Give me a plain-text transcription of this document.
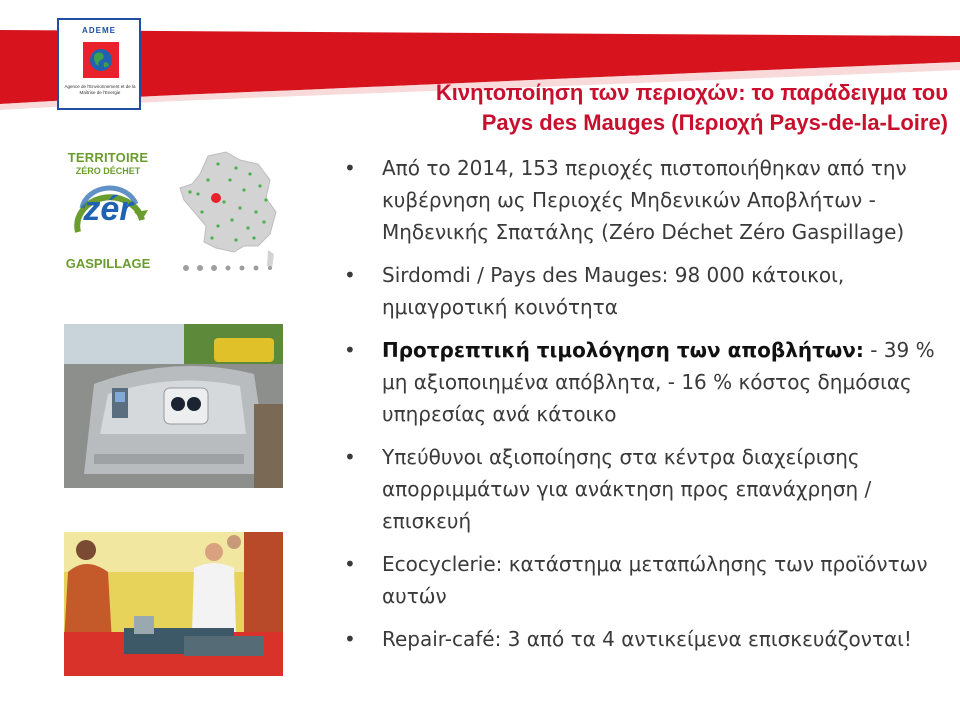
ADEME
Agence de l'Environnement et de la Maîtrise de l'Energie	Κινητοποίηση των περιοχών: το παράδειγμα του
Pays des Mauges (Περιοχή Pays-de-la-Loire)
TERRITOIRE
ZÉRO DÉCHET
zér
GASPILLAGE
• Από το 2014, 153 περιοχές πιστοποιήθηκαν από την κυβέρνηση ως Περιοχές Μηδενικών Αποβλήτων - Μηδενικής Σπατάλης (Zéro Déchet Zéro Gaspillage)
• Sirdomdi / Pays des Mauges: 98 000 κάτοικοι, ημιαγροτική κοινότητα
• Προτρεπτική τιμολόγηση των αποβλήτων: - 39 % μη αξιοποιημένα απόβλητα, - 16 % κόστος δημόσιας υπηρεσίας ανά κάτοικο
• Υπεύθυνοι αξιοποίησης στα κέντρα διαχείρισης απορριμμάτων για ανάκτηση προς επανάχρηση /επισκευή
• Ecocyclerie: κατάστημα μεταπώλησης των προϊόντων αυτών
• Repair-café: 3 από τα 4 αντικείμενα επισκευάζονται!
